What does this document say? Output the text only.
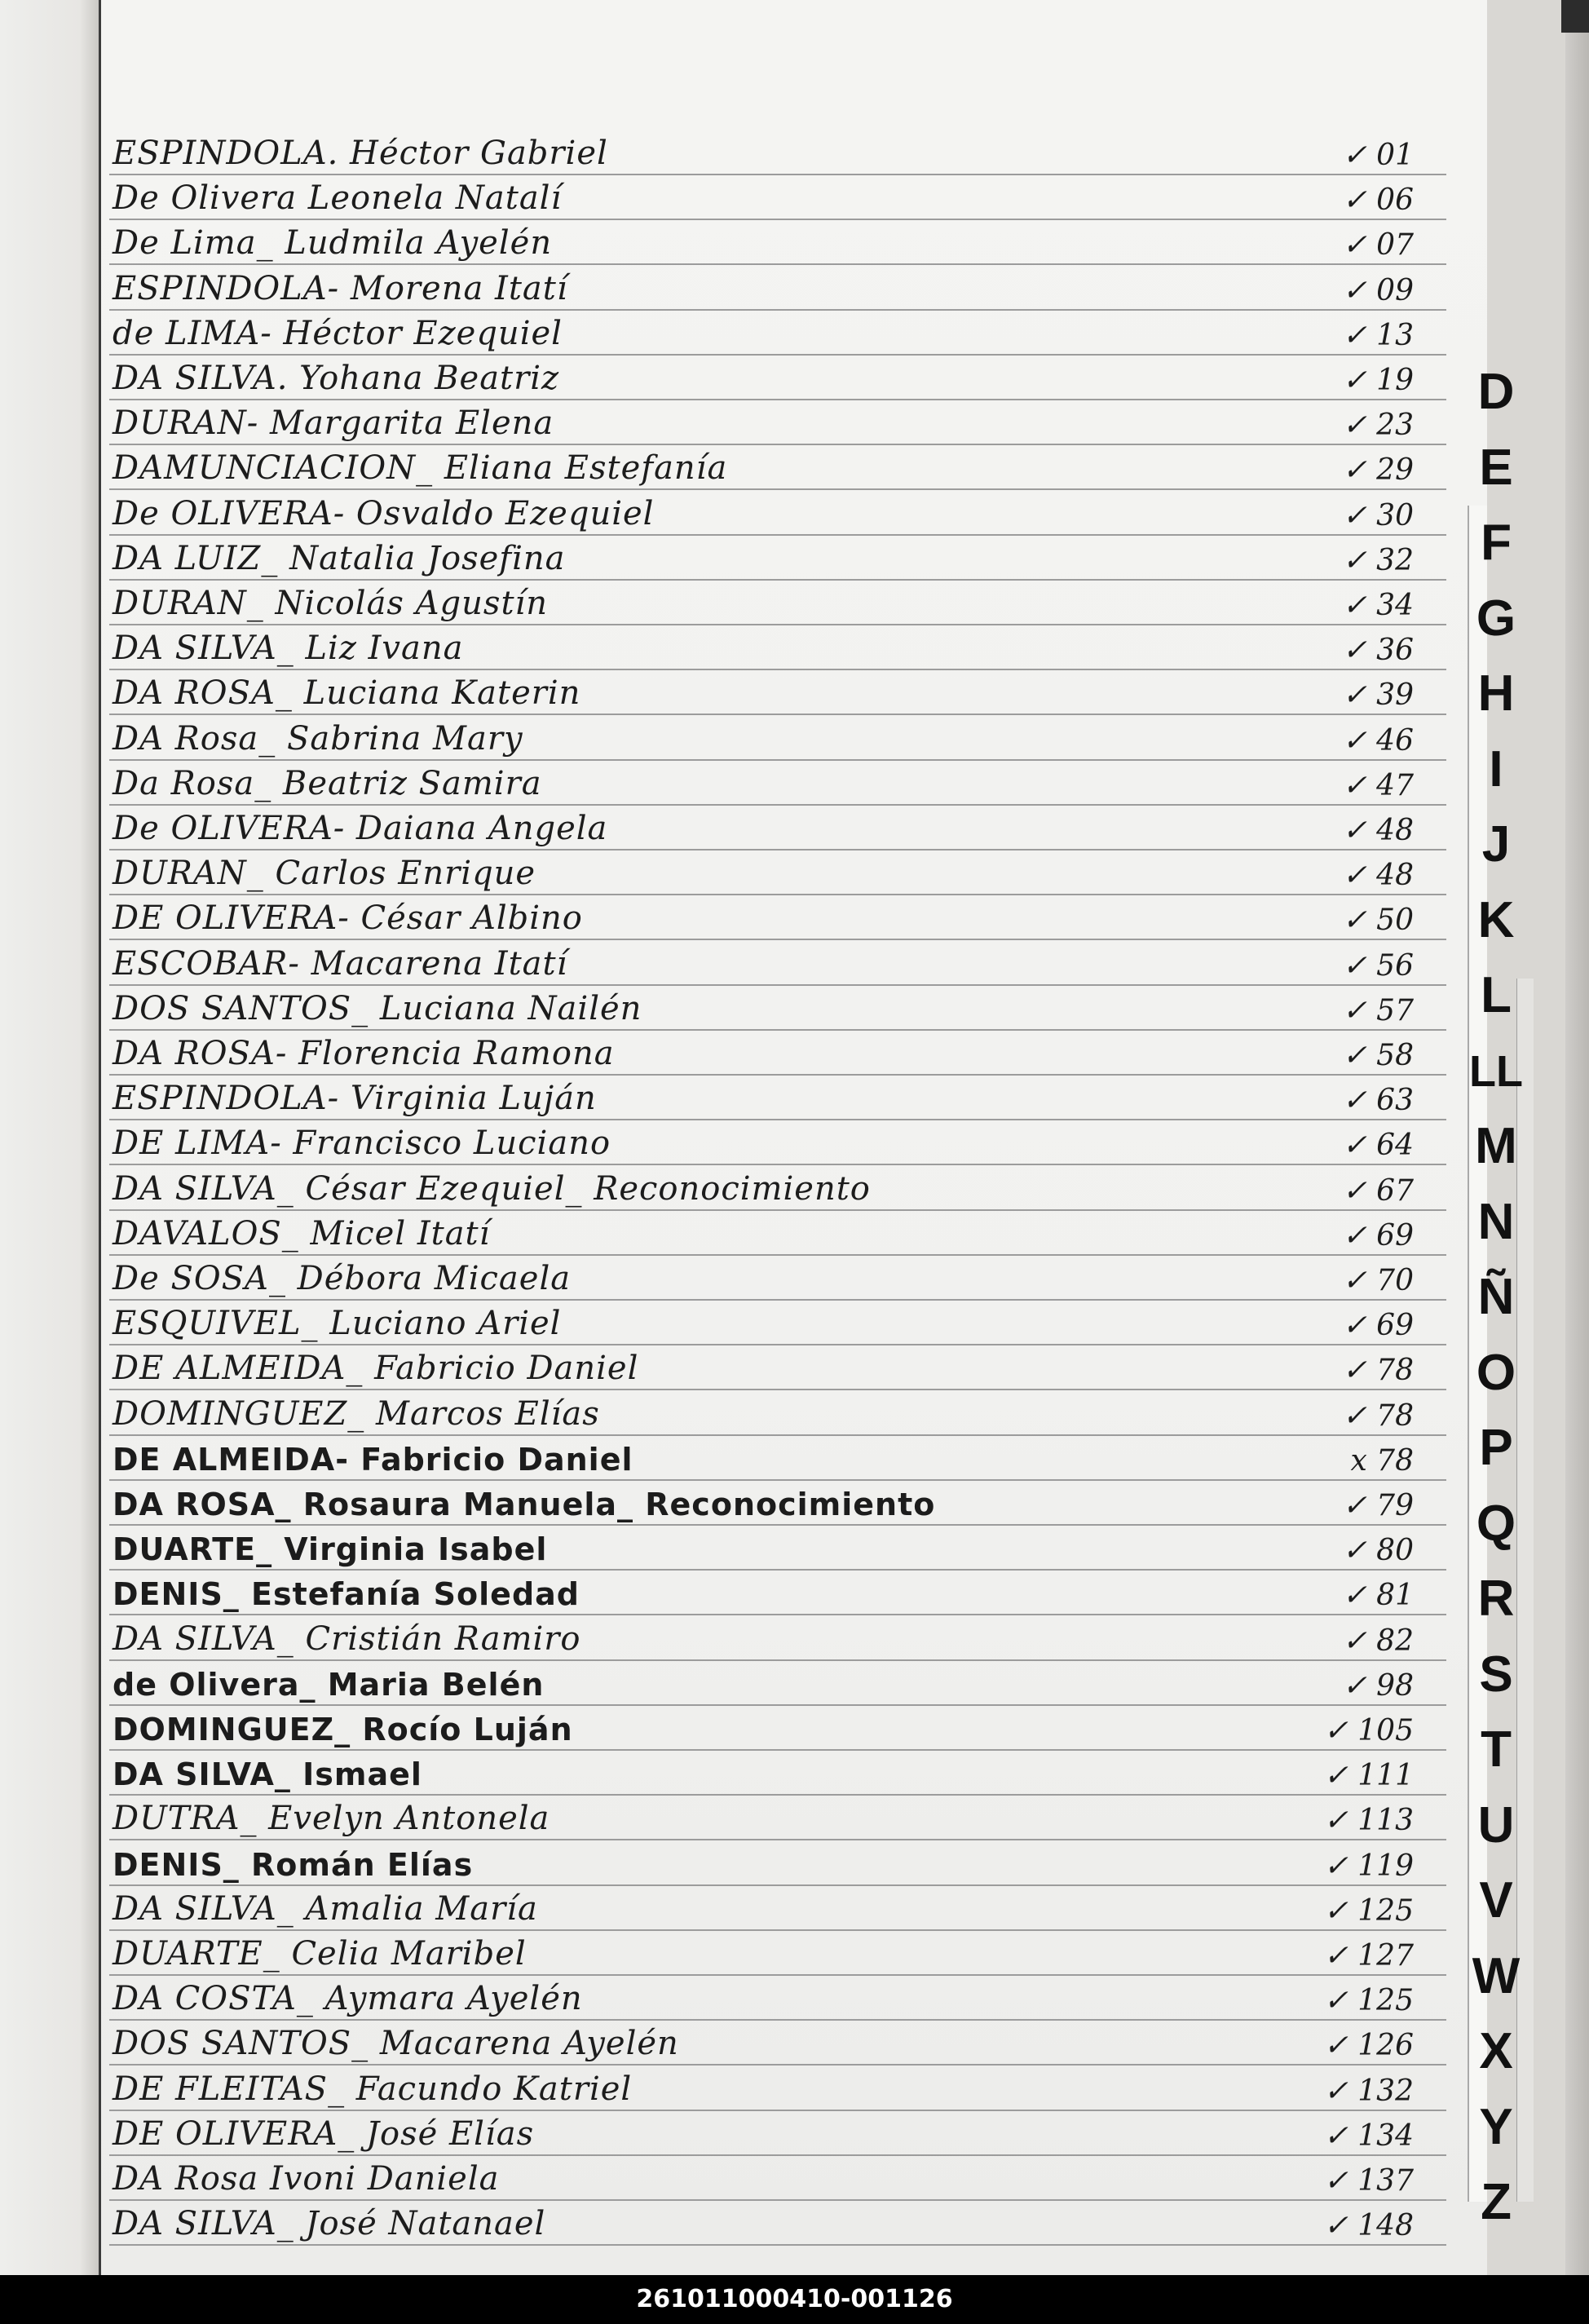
ESPINDOLA. Héctor Gabriel	✓ 01
De Olivera Leonela Natalí	✓ 06
De Lima_ Ludmila Ayelén	✓ 07
ESPINDOLA- Morena Itatí	✓ 09
de LIMA- Héctor Ezequiel	✓ 13
DA SILVA. Yohana Beatriz	✓ 19
DURAN- Margarita Elena	✓ 23
DAMUNCIACION_ Eliana Estefanía	✓ 29
De OLIVERA- Osvaldo Ezequiel	✓ 30
DA LUIZ_ Natalia Josefina	✓ 32
DURAN_ Nicolás Agustín	✓ 34
DA SILVA_ Liz Ivana	✓ 36
DA ROSA_ Luciana Katerin	✓ 39
DA Rosa_ Sabrina Mary	✓ 46
Da Rosa_ Beatriz Samira	✓ 47
De OLIVERA- Daiana Angela	✓ 48
DURAN_ Carlos Enrique	✓ 48
DE OLIVERA- César Albino	✓ 50
ESCOBAR- Macarena Itatí	✓ 56
DOS SANTOS_ Luciana Nailén	✓ 57
DA ROSA- Florencia Ramona	✓ 58
ESPINDOLA- Virginia Luján	✓ 63
DE LIMA- Francisco Luciano	✓ 64
DA SILVA_ César Ezequiel_ Reconocimiento	✓ 67
DAVALOS_ Micel Itatí	✓ 69
De SOSA_ Débora Micaela	✓ 70
ESQUIVEL_ Luciano Ariel	✓ 69
DE ALMEIDA_ Fabricio Daniel	✓ 78
DOMINGUEZ_ Marcos Elías	✓ 78
DE ALMEIDA- Fabricio Daniel	x 78
DA ROSA_ Rosaura Manuela_ Reconocimiento	✓ 79
DUARTE_ Virginia Isabel	✓ 80
DENIS_ Estefanía Soledad	✓ 81
DA SILVA_ Cristián Ramiro	✓ 82
de Olivera_ Maria Belén	✓ 98
DOMINGUEZ_ Rocío Luján	✓ 105
DA SILVA_ Ismael	✓ 111
DUTRA_ Evelyn Antonela	✓ 113
DENIS_ Román Elías	✓ 119
DA SILVA_ Amalia María	✓ 125
DUARTE_ Celia Maribel	✓ 127
DA COSTA_ Aymara Ayelén	✓ 125
DOS SANTOS_ Macarena Ayelén	✓ 126
DE FLEITAS_ Facundo Katriel	✓ 132
DE OLIVERA_ José Elías	✓ 134
DA Rosa Ivoni Daniela	✓ 137
DA SILVA_ José Natanael	✓ 148
D
E
F
G
H
I
J
K
L
LL
M
N
Ñ
O
P
Q
R
S
T
U
V
W
X
Y
Z
261011000410-001126
